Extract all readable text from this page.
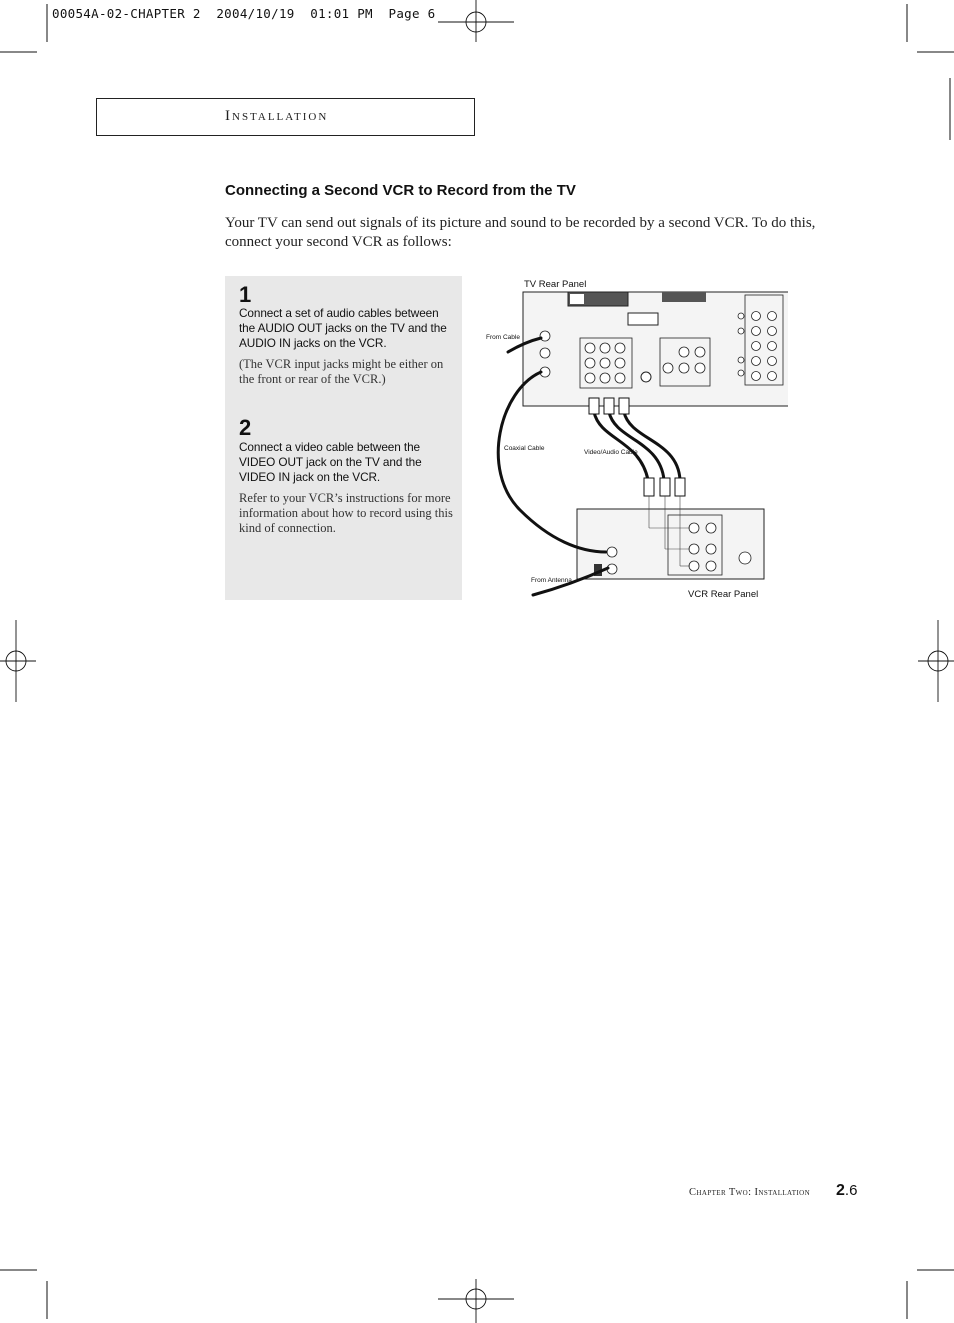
00054A-02-CHAPTER 2  2004/10/19  01:01 PM  Page 6
Installation
Connecting a Second VCR to Record from the TV
Your TV can send out signals of its picture and sound to be recorded by a second VCR. To do this, connect your second VCR as follows:
1
Connect a set of audio cables between the AUDIO OUT jacks on the TV and the AUDIO IN jacks on the VCR.
(The VCR input jacks might be either on the front or rear of the VCR.)
2
Connect a video cable between the VIDEO OUT jack on the TV and the VIDEO IN jack on the VCR.
Refer to your VCR’s instructions for more information about how to record using this kind of connection.
TV Rear Panel
VCR Rear Panel
From Cable
Coaxial Cable
Video/Audio Cable
From Antenna
Chapter Two: Installation 2.6
